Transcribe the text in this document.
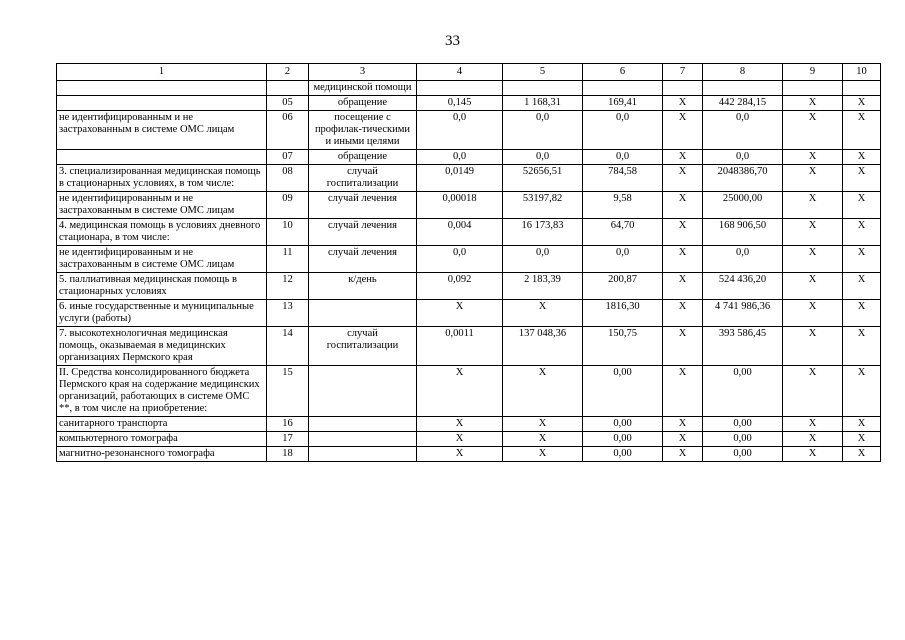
33
1	2	3	4	5	6	7	8	9	10
		медицинской помощи							
	05	обращение	0,145	1 168,31	169,41	Х	442 284,15	Х	Х
не идентифицированным и не застрахованным в системе ОМС лицам	06	посещение с профилак-тическими и иными целями	0,0	0,0	0,0	Х	0,0	Х	Х
	07	обращение	0,0	0,0	0,0	Х	0,0	Х	Х
3. специализированная медицинская помощь в стационарных условиях, в том числе:	08	случай госпитализации	0,0149	52656,51	784,58	Х	2048386,70	Х	Х
не идентифицированным и не застрахованным в системе ОМС лицам	09	случай лечения	0,00018	53197,82	9,58	Х	25000,00	Х	Х
4. медицинская помощь в условиях дневного стационара, в том числе:	10	случай лечения	0,004	16 173,83	64,70	Х	168 906,50	Х	Х
не идентифицированным и не застрахованным в системе ОМС лицам	11	случай лечения	0,0	0,0	0,0	Х	0,0	Х	Х
5. паллиативная медицинская помощь в стационарных условиях	12	к/день	0,092	2 183,39	200,87	Х	524 436,20	Х	Х
6. иные государственные и муниципальные услуги (работы)	13		Х	Х	1816,30	Х	4 741 986,36	Х	Х
7. высокотехнологичная медицинская помощь, оказываемая в медицинских организациях Пермского края	14	случай госпитализации	0,0011	137 048,36	150,75	Х	393 586,45	Х	Х
II. Средства консолидированного бюджета Пермского края на содержание медицинских организаций, работающих в системе ОМС **, в том числе на приобретение:	15		Х	Х	0,00	Х	0,00	Х	Х
санитарного транспорта	16		Х	Х	0,00	Х	0,00	Х	Х
компьютерного томографа	17		Х	Х	0,00	Х	0,00	Х	Х
магнитно-резонансного томографа	18		Х	Х	0,00	Х	0,00	Х	Х
